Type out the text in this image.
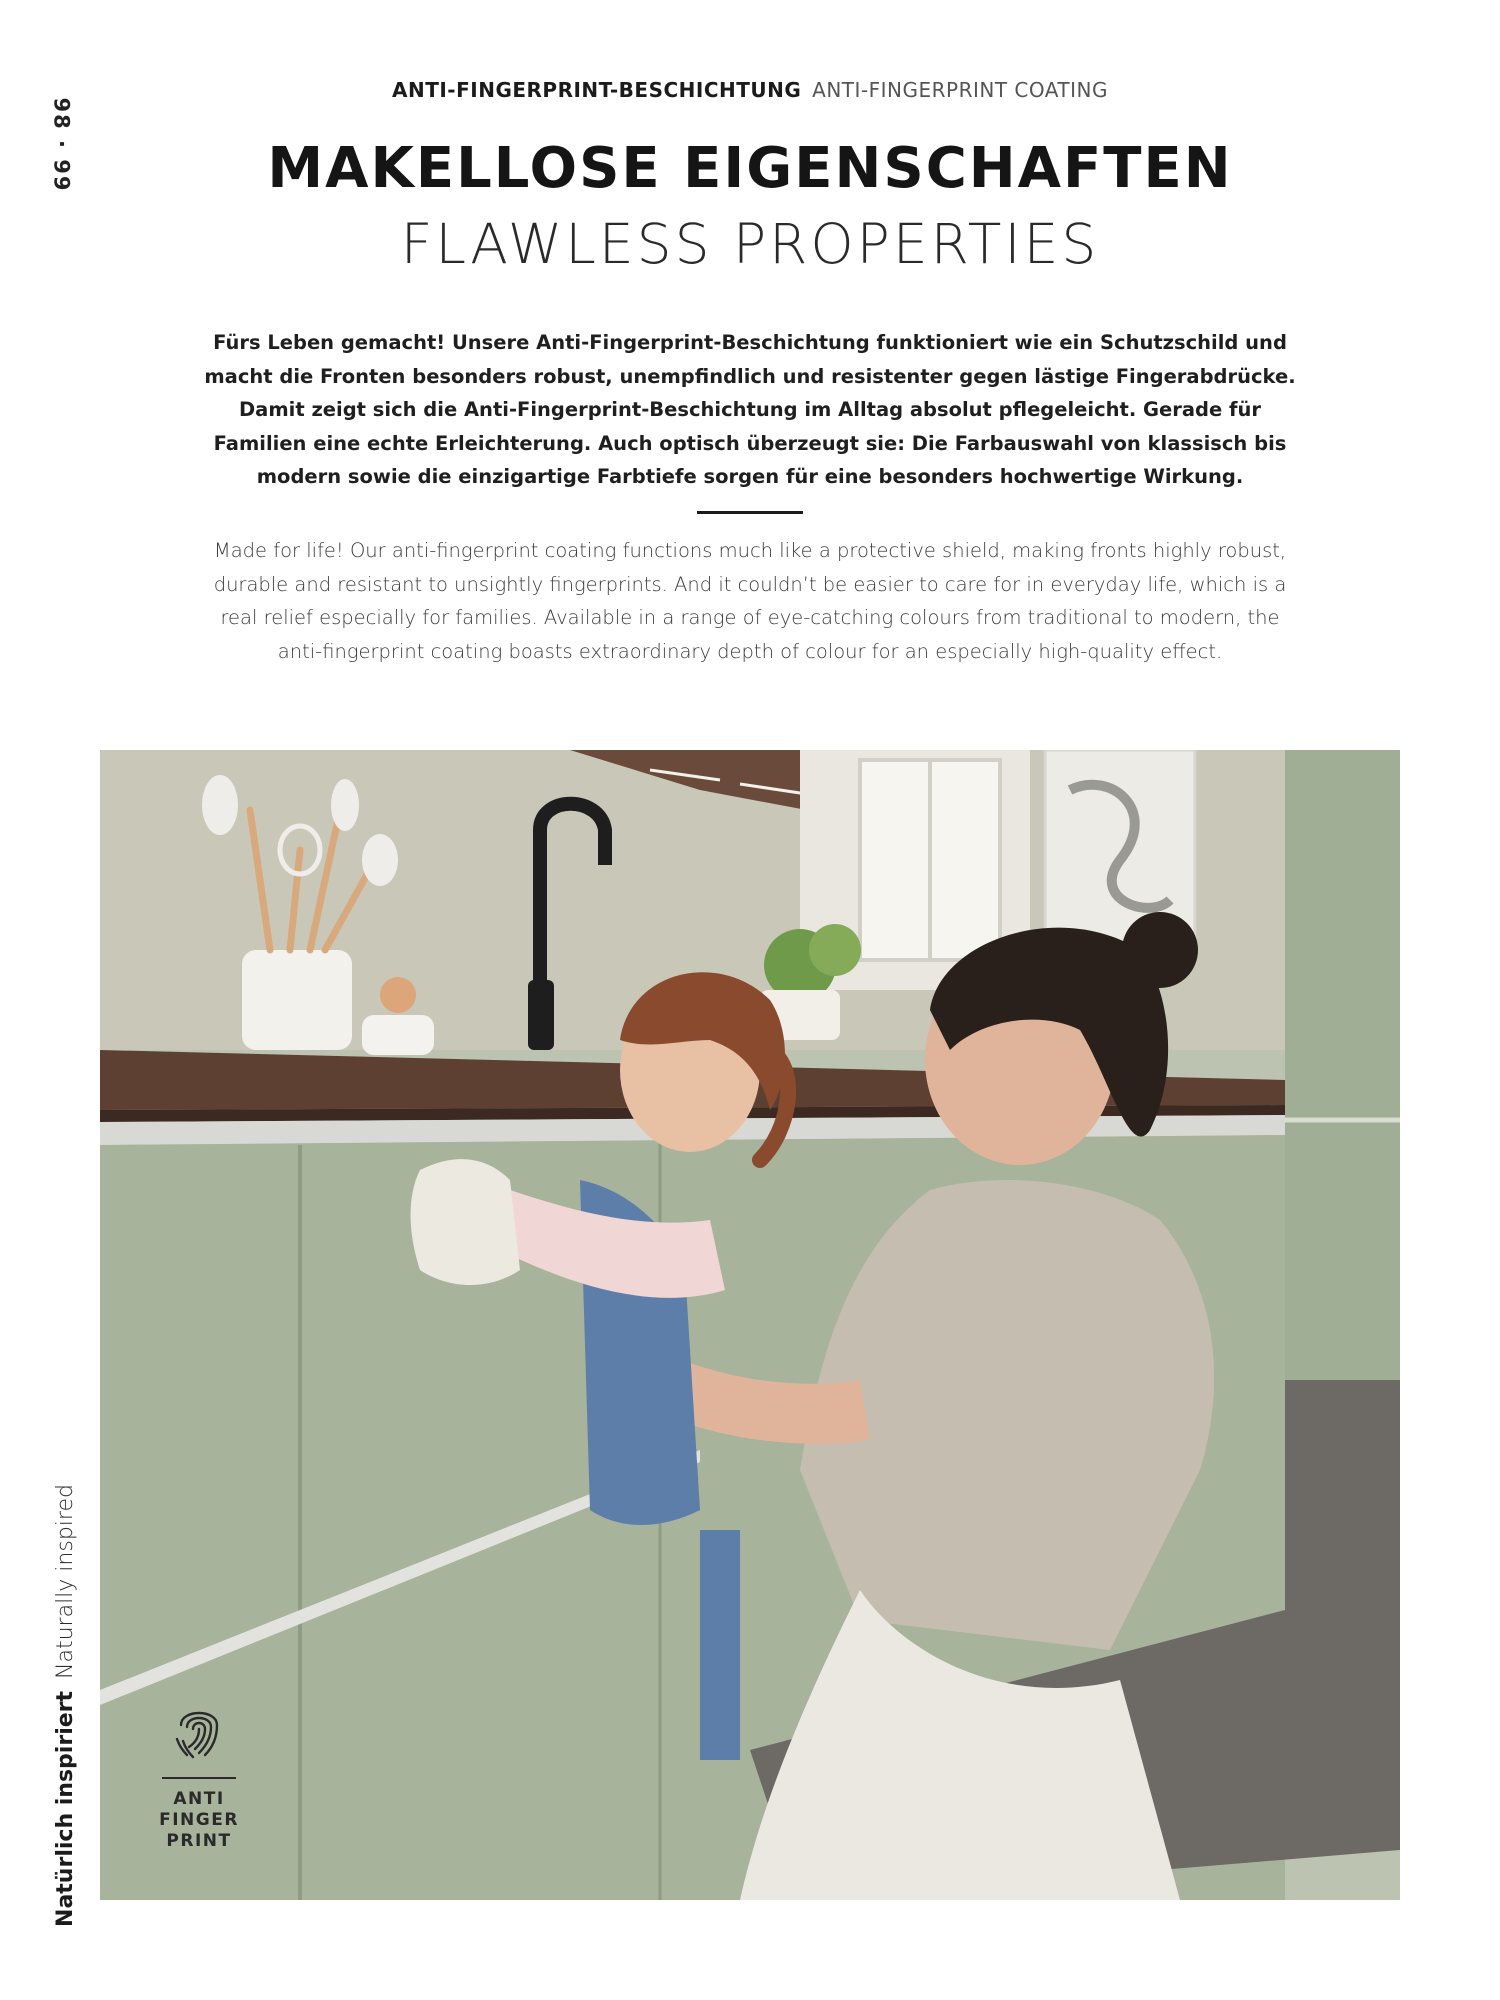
98 · 99
ANTI-FINGERPRINT-BESCHICHTUNG ANTI-FINGERPRINT COATING
MAKELLOSE EIGENSCHAFTEN
FLAWLESS PROPERTIES

Fürs Leben gemacht! Unsere Anti-Fingerprint-Beschichtung funktioniert wie ein Schutzschild und macht die Fronten besonders robust, unempfindlich und resistenter gegen lästige Fingerabdrücke. Damit zeigt sich die Anti-Fingerprint-Beschichtung im Alltag absolut pflegeleicht. Gerade für Familien eine echte Erleichterung. Auch optisch überzeugt sie: Die Farbauswahl von klassisch bis modern sowie die einzigartige Farbtiefe sorgen für eine besonders hochwertige Wirkung.

Made for life! Our anti-fingerprint coating functions much like a protective shield, making fronts highly robust, durable and resistant to unsightly fingerprints. And it couldn’t be easier to care for in everyday life, which is a real relief especially for families. Available in a range of eye-catching colours from traditional to modern, the anti-fingerprint coating boasts extraordinary depth of colour for an especially high-quality effect.

ANTI
FINGER
PRINT
Natürlich inspiriertNaturally inspired
